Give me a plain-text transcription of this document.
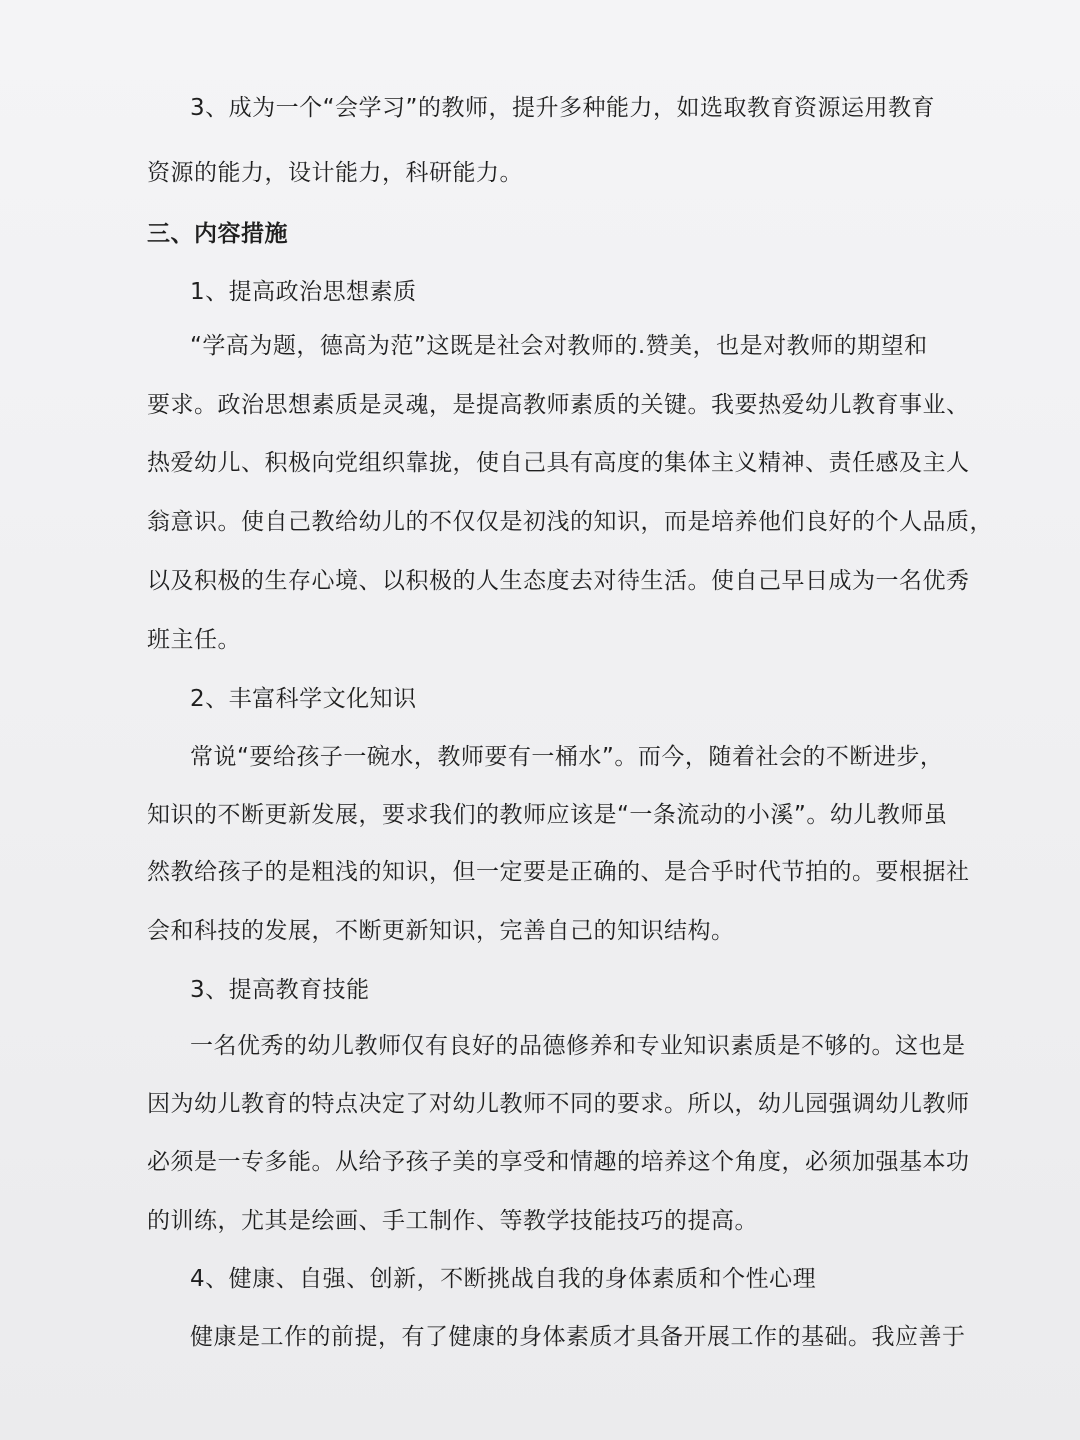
3、成为一个“会学习”的教师，提升多种能力，如选取教育资源运用教育

资源的能力，设计能力，科研能力。

三、内容措施

1、提高政治思想素质

“学高为题，德高为范”这既是社会对教师的.赞美，也是对教师的期望和

要求。政治思想素质是灵魂，是提高教师素质的关键。我要热爱幼儿教育事业、

热爱幼儿、积极向党组织靠拢，使自己具有高度的集体主义精神、责任感及主人

翁意识。使自己教给幼儿的不仅仅是初浅的知识，而是培养他们良好的个人品质，

以及积极的生存心境、以积极的人生态度去对待生活。使自己早日成为一名优秀

班主任。

2、丰富科学文化知识

常说“要给孩子一碗水，教师要有一桶水”。而今，随着社会的不断进步，

知识的不断更新发展，要求我们的教师应该是“一条流动的小溪”。幼儿教师虽

然教给孩子的是粗浅的知识，但一定要是正确的、是合乎时代节拍的。要根据社

会和科技的发展，不断更新知识，完善自己的知识结构。

3、提高教育技能

一名优秀的幼儿教师仅有良好的品德修养和专业知识素质是不够的。这也是

因为幼儿教育的特点决定了对幼儿教师不同的要求。所以，幼儿园强调幼儿教师

必须是一专多能。从给予孩子美的享受和情趣的培养这个角度，必须加强基本功

的训练，尤其是绘画、手工制作、等教学技能技巧的提高。

4、健康、自强、创新，不断挑战自我的身体素质和个性心理

健康是工作的前提，有了健康的身体素质才具备开展工作的基础。我应善于
